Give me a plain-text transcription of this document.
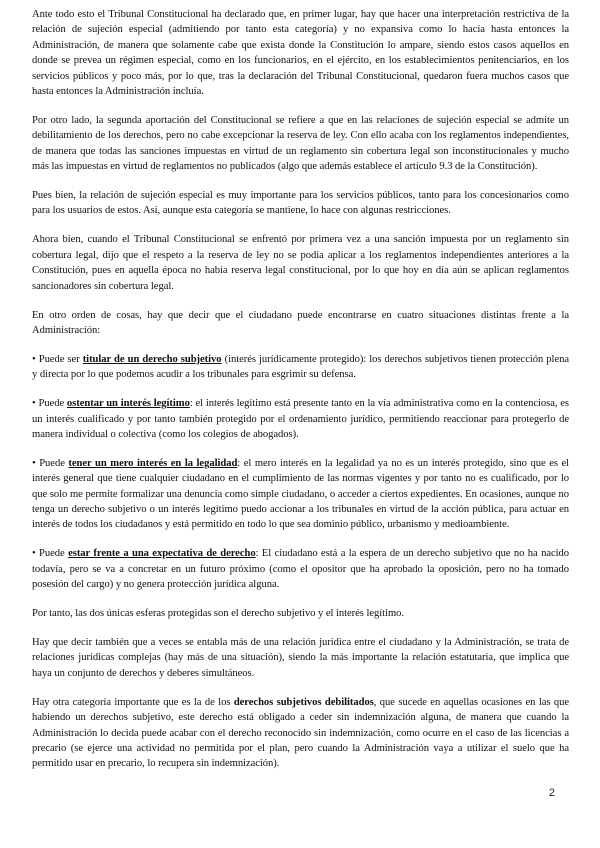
Ante todo esto el Tribunal Constitucional ha declarado que, en primer lugar, hay que hacer una interpretación restrictiva de la relación de sujeción especial (admitiendo por tanto esta categoría) y no expansiva como lo hacía hasta entonces la Administración, de manera que solamente cabe que exista donde la Constitución lo ampare, siendo estos casos aquellos en donde se prevea un régimen especial, como en los funcionarios, en el ejército, en los establecimientos penitenciarios, en los servicios públicos y poco más, por lo que, tras la declaración del Tribunal Constitucional, quedaron fuera muchos casos que hasta entonces la Administración incluía.

Por otro lado, la segunda aportación del Constitucional se refiere a que en las relaciones de sujeción especial se admite un debilitamiento de los derechos, pero no cabe excepcionar la reserva de ley. Con ello acaba con los reglamentos independientes, de manera que todas las sanciones impuestas en virtud de un reglamento sin cobertura legal son inconstitucionales y mucho más las impuestas en virtud de reglamentos no publicados (algo que además establece el artículo 9.3 de la Constitución).

Pues bien, la relación de sujeción especial es muy importante para los servicios públicos, tanto para los concesionarios como para los usuarios de estos. Así, aunque esta categoría se mantiene, lo hace con algunas restricciones.

Ahora bien, cuando el Tribunal Constitucional se enfrentó por primera vez a una sanción impuesta por un reglamento sin cobertura legal, dijo que el respeto a la reserva de ley no se podía aplicar a los reglamentos independientes anteriores a la Constitución, pues en aquella época no había reserva legal constitucional, por lo que hoy en día aún se aplican reglamentos sancionadores sin cobertura legal.

En otro orden de cosas, hay que decir que el ciudadano puede encontrarse en cuatro situaciones distintas frente a la Administración:

• Puede ser titular de un derecho subjetivo (interés jurídicamente protegido): los derechos subjetivos tienen protección plena y directa por lo que podemos acudir a los tribunales para esgrimir su defensa.

• Puede ostentar un interés legítimo: el interés legítimo está presente tanto en la vía administrativa como en la contenciosa, es un interés cualificado y por tanto también protegido por el ordenamiento jurídico, permitiendo reaccionar para protegerlo de manera individual o colectiva (como los colegios de abogados).

• Puede tener un mero interés en la legalidad: el mero interés en la legalidad ya no es un interés protegido, sino que es el interés general que tiene cualquier ciudadano en el cumplimiento de las normas vigentes y por tanto no es cualificado, por lo que solo me permite formalizar una denuncia como simple ciudadano, o acceder a ciertos expedientes. En ocasiones, aunque no tenga un derecho subjetivo o un interés legítimo puedo accionar a los tribunales en virtud de la acción pública, para actuar en interés de todos los ciudadanos y está permitido en todo lo que sea dominio público, urbanismo y medioambiente.

• Puede estar frente a una expectativa de derecho: El ciudadano está a la espera de un derecho subjetivo que no ha nacido todavía, pero se va a concretar en un futuro próximo (como el opositor que ha aprobado la oposición, pero no ha tomado posesión del cargo) y no genera protección jurídica alguna.

Por tanto, las dos únicas esferas protegidas son el derecho subjetivo y el interés legítimo.

Hay que decir también que a veces se entabla más de una relación jurídica entre el ciudadano y la Administración, se trata de relaciones jurídicas complejas (hay más de una situación), siendo la más importante la relación estatutaria, que implica que haya un conjunto de derechos y deberes simultáneos.

Hay otra categoría importante que es la de los derechos subjetivos debilitados, que sucede en aquellas ocasiones en las que habiendo un derechos subjetivo, este derecho está obligado a ceder sin indemnización alguna, de manera que cuando la Administración lo decida puede acabar con el derecho reconocido sin indemnización, como ocurre en el caso de las licencias a precario (se ejerce una actividad no permitida por el plan, pero cuando la Administración vaya a utilizar el suelo que ha permitido usar en precario, lo recupera sin indemnización).

2
